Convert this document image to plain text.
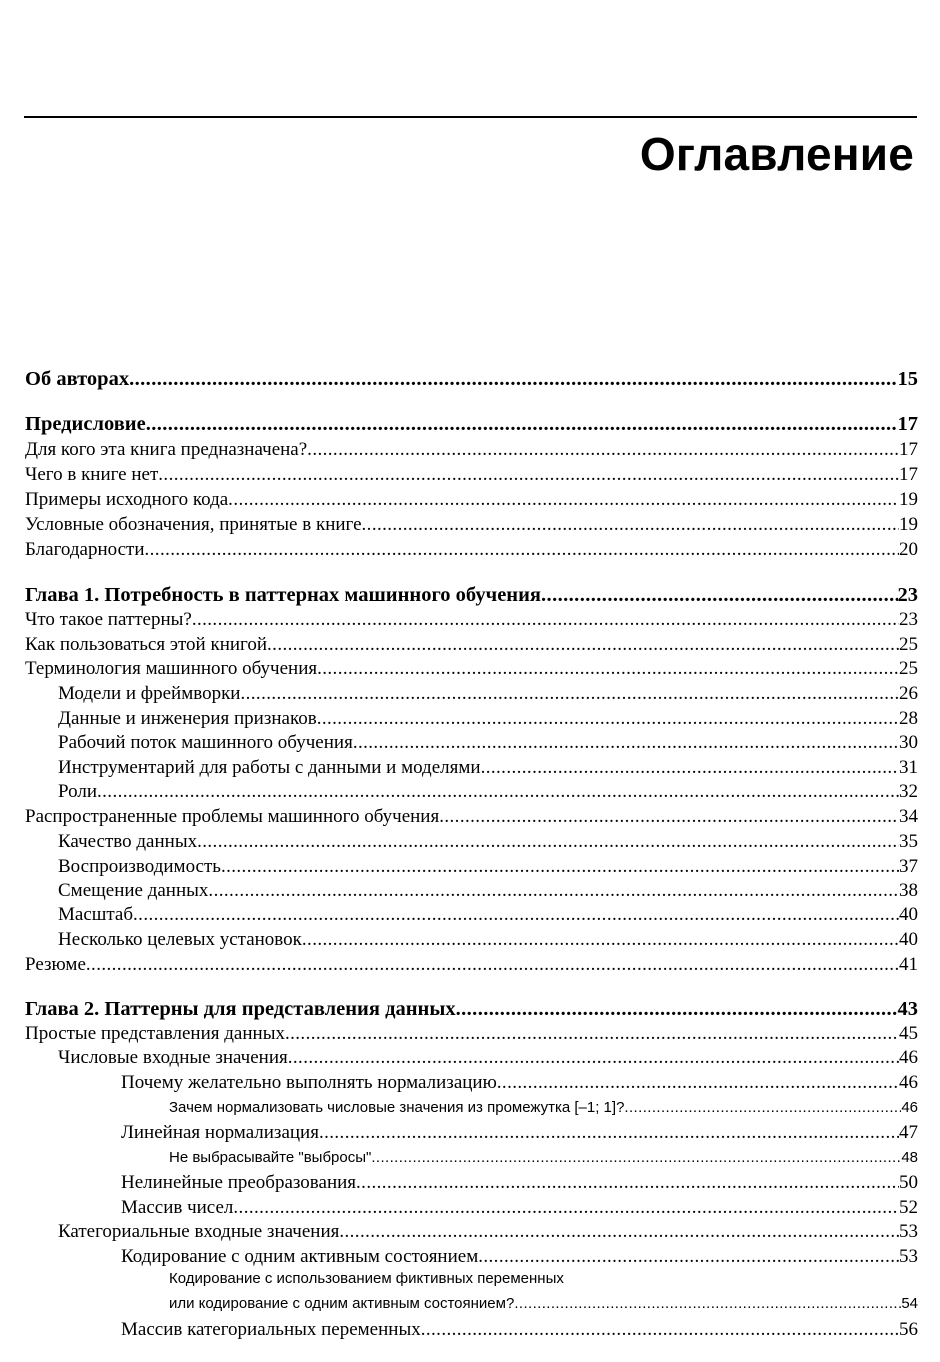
Оглавление
Об авторах .....	15
Предисловие .....	17
Для кого эта книга предназначена? .....	17
Чего в книге нет .....	17
Примеры исходного кода .....	19
Условные обозначения, принятые в книге .....	19
Благодарности .....	20
Глава 1. Потребность в паттернах машинного обучения .....	23
Что такое паттерны? .....	23
Как пользоваться этой книгой .....	25
Терминология машинного обучения .....	25
Модели и фреймворки .....	26
Данные и инженерия признаков .....	28
Рабочий поток машинного обучения .....	30
Инструментарий для работы с данными и моделями .....	31
Роли .....	32
Распространенные проблемы машинного обучения .....	34
Качество данных .....	35
Воспроизводимость .....	37
Смещение данных .....	38
Масштаб .....	40
Несколько целевых установок .....	40
Резюме .....	41
Глава 2. Паттерны для представления данных .....	43
Простые представления данных .....	45
Числовые входные значения .....	46
Почему желательно выполнять нормализацию .....	46
Зачем нормализовать числовые значения из промежутка [–1; 1]? .....	46
Линейная нормализация .....	47
Не выбрасывайте "выбросы" .....	48
Нелинейные преобразования .....	50
Массив чисел .....	52
Категориальные входные значения .....	53
Кодирование с одним активным состоянием .....	53
Кодирование с использованием фиктивных переменных
или кодирование с одним активным состоянием? .....	54
Массив категориальных переменных .....	56
